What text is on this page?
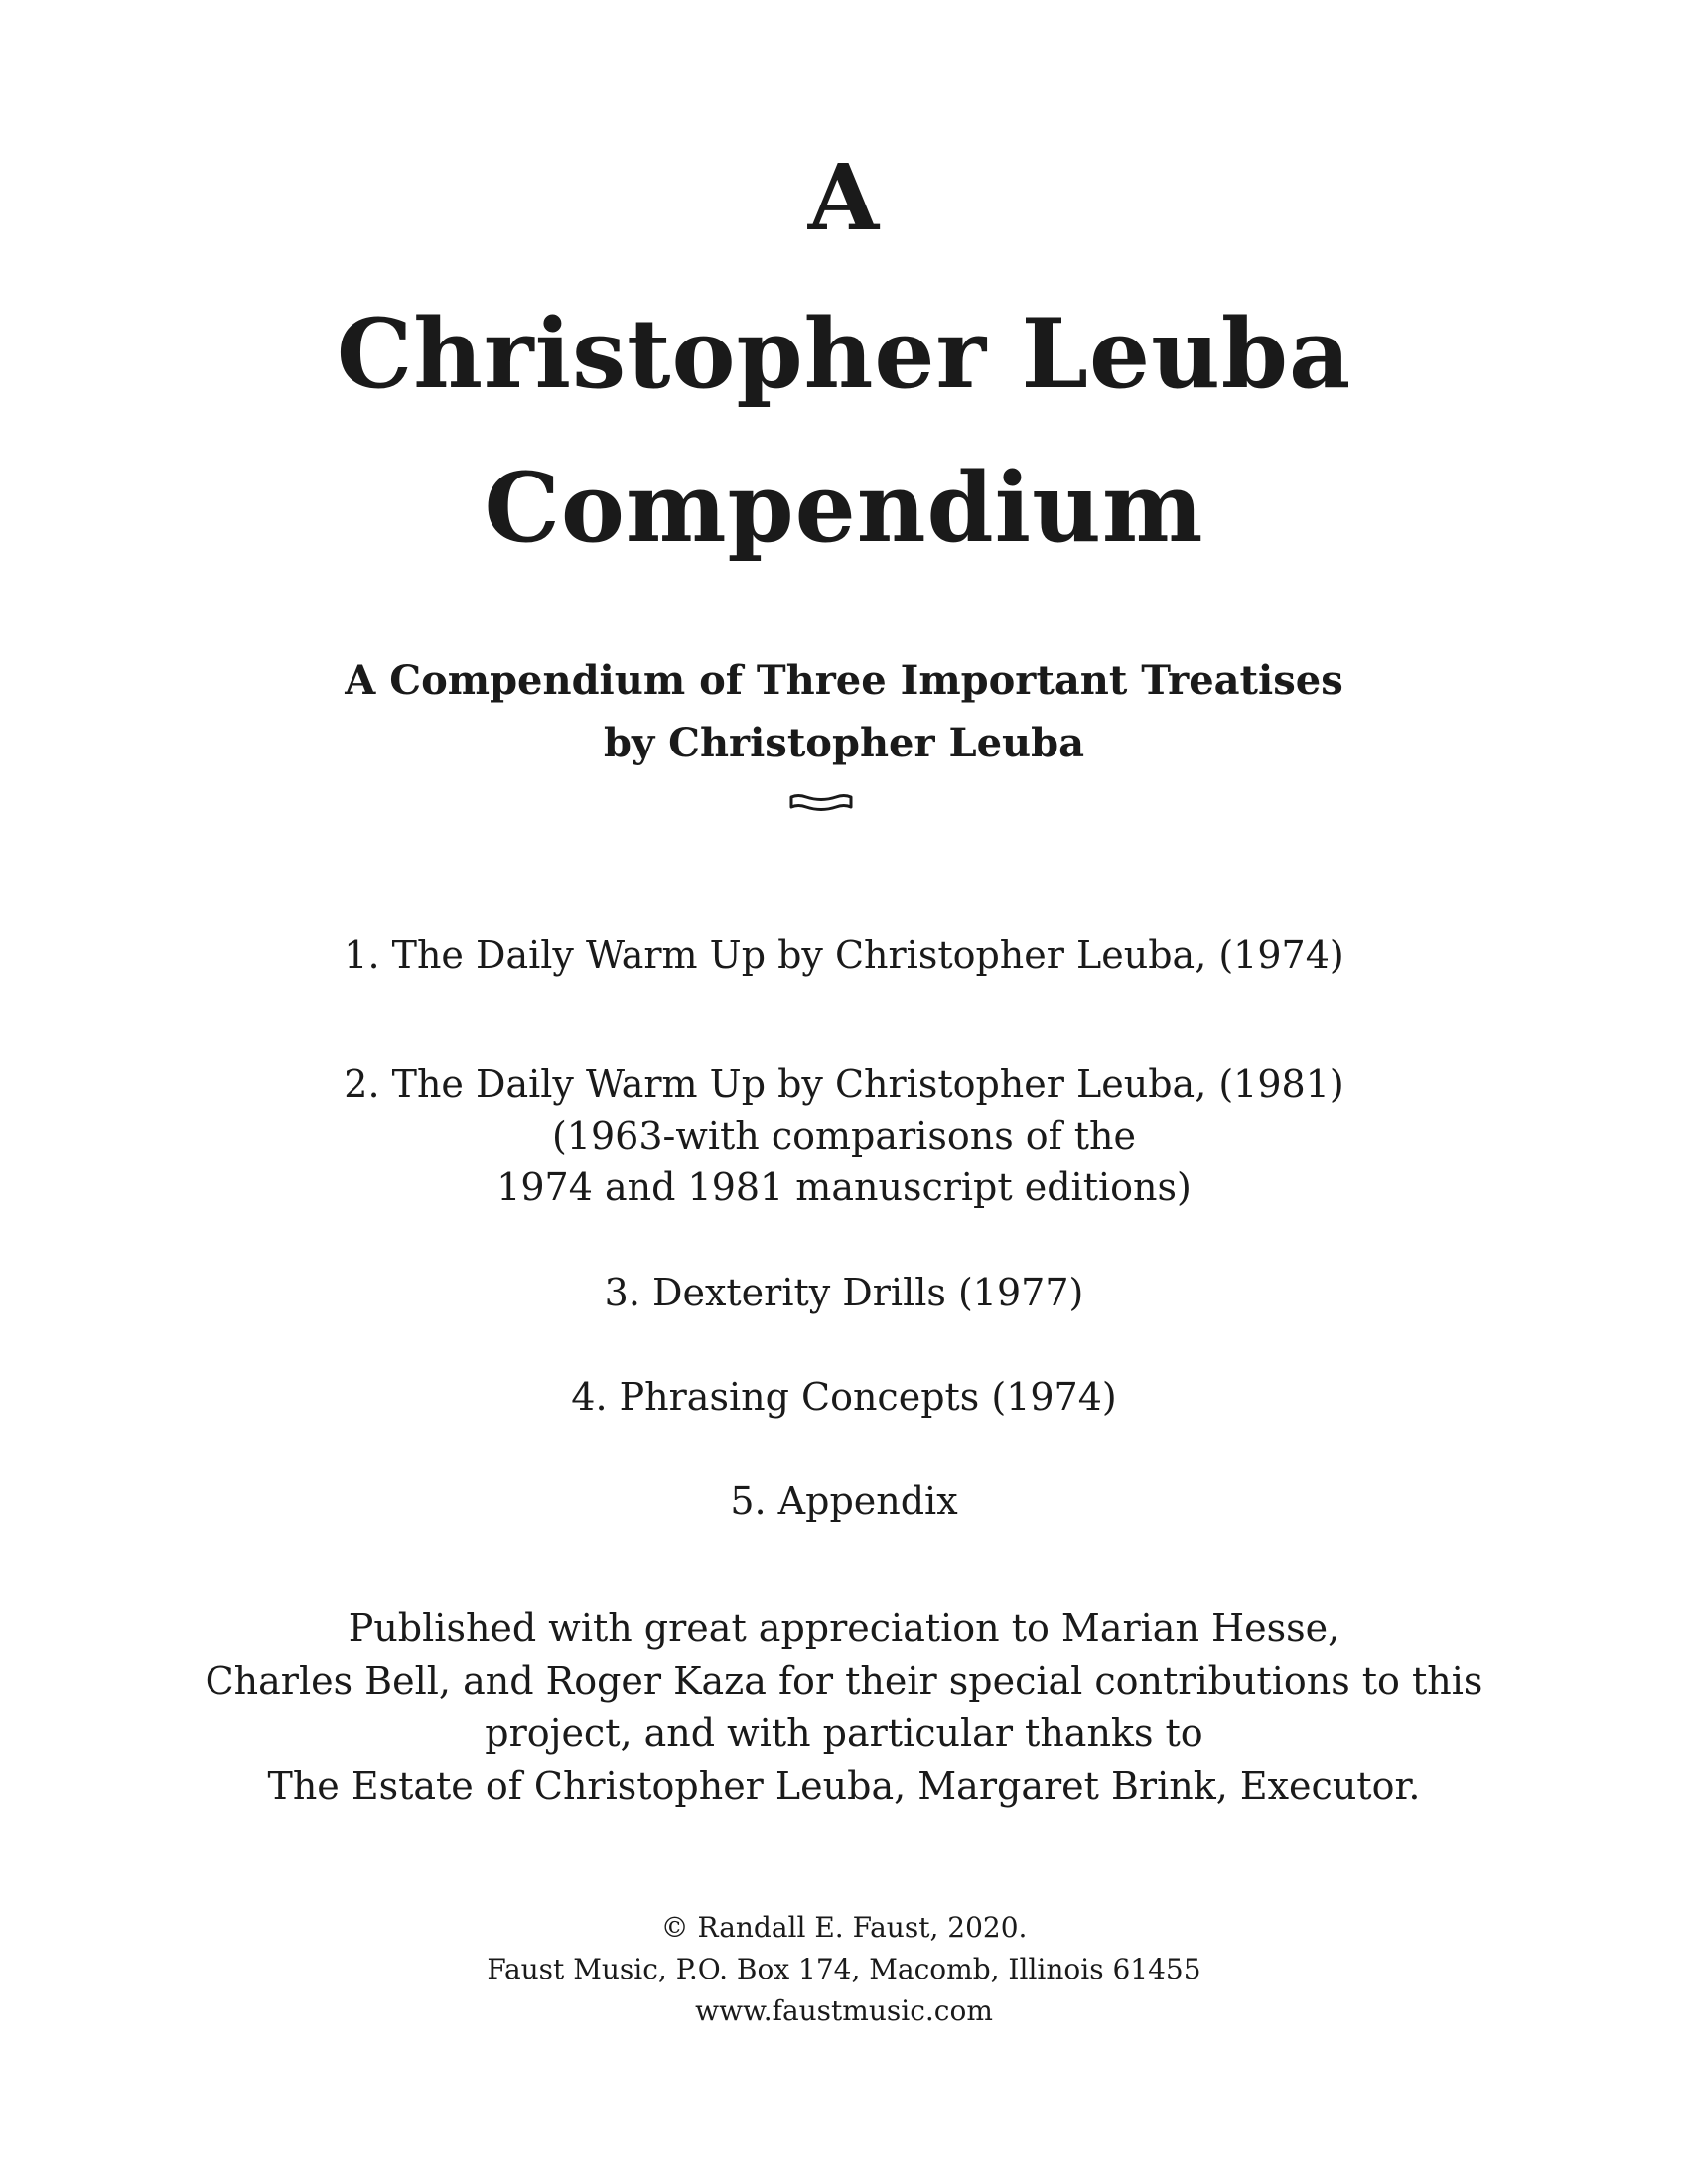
A
Christopher Leuba
Compendium
A Compendium of Three Important Treatises
by Christopher Leuba
1. The Daily Warm Up by Christopher Leuba, (1974)
2. The Daily Warm Up by Christopher Leuba, (1981)
(1963-with comparisons of the
1974 and 1981 manuscript editions)
3. Dexterity Drills (1977)
4. Phrasing Concepts (1974)
5. Appendix
Published with great appreciation to Marian Hesse,
Charles Bell, and Roger Kaza for their special contributions to this
project, and with particular thanks to
The Estate of Christopher Leuba, Margaret Brink, Executor.
© Randall E. Faust, 2020.
Faust Music, P.O. Box 174, Macomb, Illinois 61455
www.faustmusic.com
